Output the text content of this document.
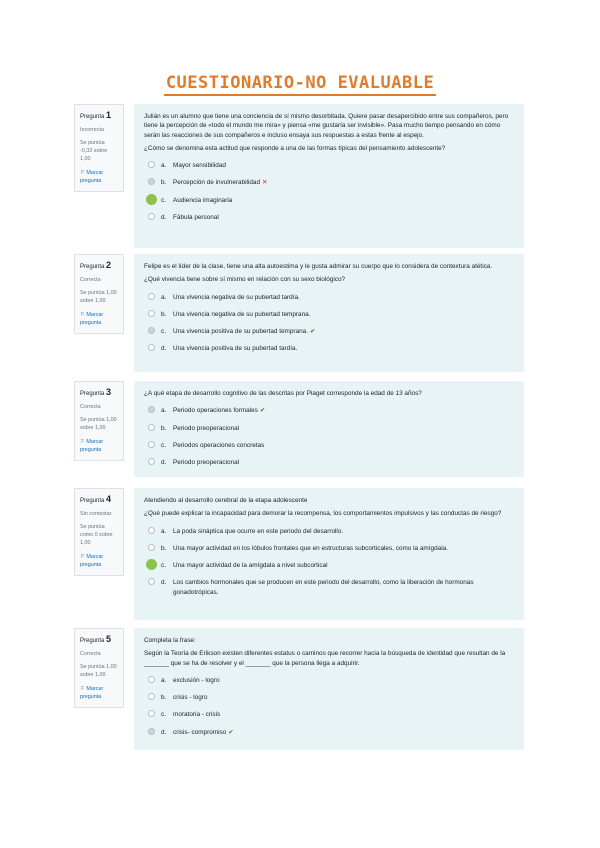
CUESTIONARIO-NO EVALUABLE
Pregunta 1
Incorrecta
Se puntúa -0,33 sobre 1,00
⚐ Marcar pregunta

Julián es un alumno que tiene una conciencia de sí mismo desorbitada. Quiere pasar desapercibido entre sus compañeros, pero tiene la percepción de «todo el mundo me mira» y piensa «me gustaría ser invisible». Pasa mucho tiempo pensando en cómo serán las reacciones de sus compañeros e incluso ensaya sus respuestas a estas frente al espejo.

¿Cómo se denomina esta actitud que responde a una de las formas típicas del pensamiento adolescente?

a.	Mayor sensibilidad
b.	Percepción de invulnerabilidad ✕
c.	Audiencia imaginaria
d.	Fábula personal
Pregunta 2
Correcta
Se puntúa 1,00 sobre 1,00
⚐ Marcar pregunta

Felipe es el líder de la clase, tiene una alta autoestima y le gusta admirar su cuerpo que lo considera de contextura atética.

¿Qué vivencia tiene sobre sí mismo en relación con su sexo biológico?

a.	Una vivencia negativa de su pubertad tardía.
b.	Una vivencia negativa de su pubertad temprana.
c.	Una vivencia positiva de su pubertad temprana. ✔
d.	Una vivencia positiva de su pubertad tardía.
Pregunta 3
Correcta
Se puntúa 1,00 sobre 1,00
⚐ Marcar pregunta

¿A qué etapa de desarrollo cognitivo de las descritas por Piaget corresponde la edad de 13 años?

a.	Periodo operaciones formales ✔
b.	Periodo preoperacional
c.	Periodos operaciones concretas
d.	Periodo preoperacional
Pregunta 4
Sin contestar
Se puntúa como 0 sobre 1,00
⚐ Marcar pregunta

Atendiendo al desarrollo cerebral de la etapa adolescente

¿Qué puede explicar la incapacidad para demorar la recompensa, los comportamientos impulsivos y las conductas de riesgo?

a.	La poda sináptica que ocurre en este periodo del desarrollo.
b.	Una mayor actividad en los lóbulos frontales que en estructuras subcorticales, como la amígdala.
c.	Una mayor actividad de la amígdala a nivel subcortical
d.	Los cambios hormonales que se producen en este periodo del desarrollo, como la liberación de hormonas gonadotrópicas.
Pregunta 5
Correcta
Se puntúa 1,00 sobre 1,00
⚐ Marcar pregunta

Completa la frase:

Según la Teoría de Erikson existen diferentes estatus o caminos que recorrer hacia la búsqueda de identidad que resultan de la _______ que se ha de resolver y el _______ que la persona llega a adquirir.

a.	exclusión - logro
b.	crisis - logro
c.	moratoria - crisis
d.	crisis- compromiso ✔
